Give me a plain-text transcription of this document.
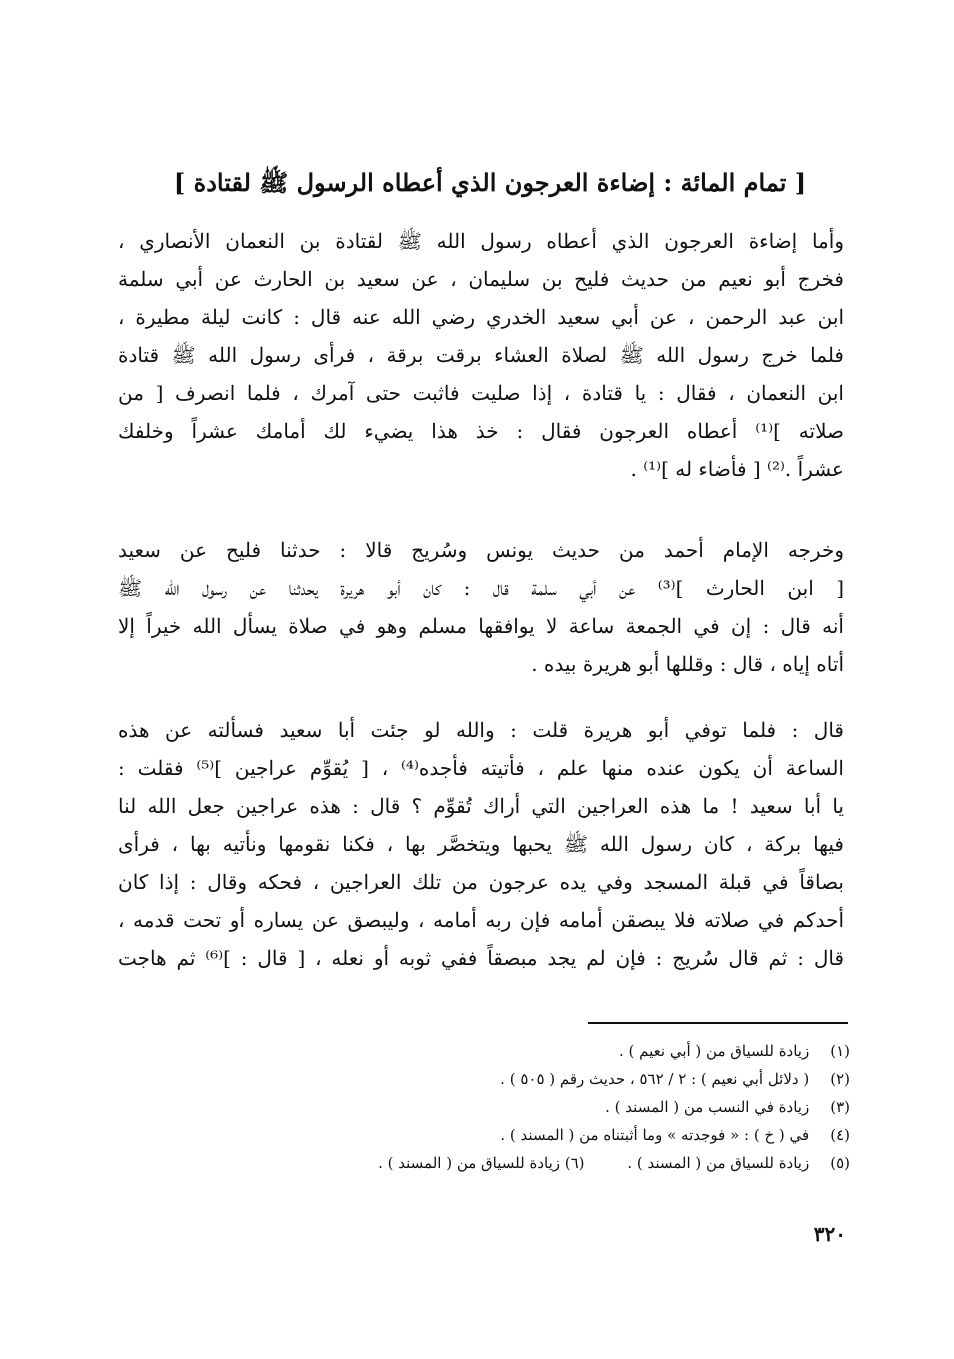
[ تمام المائة : إضاءة العرجون الذي أعطاه الرسول ﷺ لقتادة ]
وأما إضاءة العرجون الذي أعطاه رسول الله ﷺ لقتادة بن النعمان الأنصاري ،
فخرج أبو نعيم من حديث فليح بن سليمان ، عن سعيد بن الحارث عن أبي سلمة
ابن عبد الرحمن ، عن أبي سعيد الخدري رضي الله عنه قال : كانت ليلة مطيرة ،
فلما خرج رسول الله ﷺ لصلاة العشاء برقت برقة ، فرأى رسول الله ﷺ قتادة
ابن النعمان ، فقال : يا قتادة ، إذا صليت فاثبت حتى آمرك ، فلما انصرف [ من
صلاته ]⁽¹⁾ أعطاه العرجون فقال : خذ هذا يضيء لك أمامك عشراً وخلفك
عشراً .⁽²⁾ [ فأضاء له ]⁽¹⁾ .
وخرجه الإمام أحمد من حديث يونس وسُريج قالا : حدثنا فليح عن سعيد
[ ابن الحارث ]⁽³⁾ عن أبي سلمة قال : كان أبو هريرة يحدثنا عن رسول الله ﷺ
أنه قال : إن في الجمعة ساعة لا يوافقها مسلم وهو في صلاة يسأل الله خيراً إلا
أتاه إياه ، قال : وقللها أبو هريرة بيده .
قال : فلما توفي أبو هريرة قلت : والله لو جئت أبا سعيد فسألته عن هذه
الساعة أن يكون عنده منها علم ، فأتيته فأجده⁽⁴⁾ ، [ يُقوِّم عراجين ]⁽⁵⁾ فقلت :
يا أبا سعيد ! ما هذه العراجين التي أراك تُقوِّم ؟ قال : هذه عراجين جعل الله لنا
فيها بركة ، كان رسول الله ﷺ يحبها ويتخصَّر بها ، فكنا نقومها ونأتيه بها ، فرأى
بصاقاً في قبلة المسجد وفي يده عرجون من تلك العراجين ، فحكه وقال : إذا كان
أحدكم في صلاته فلا يبصقن أمامه فإن ربه أمامه ، وليبصق عن يساره أو تحت قدمه ،
قال : ثم قال سُريج : فإن لم يجد مبصقاً ففي ثوبه أو نعله ، [ قال : ]⁽⁶⁾ ثم هاجت
(١) زيادة للسياق من ( أبي نعيم ) .
(٢) ( دلائل أبي نعيم ) : ٢ / ٥٦٢ ، حديث رقم ( ٥٠٥ ) .
(٣) زيادة في النسب من ( المسند ) .
(٤) في ( خ ) : « فوجدته » وما أثبتناه من ( المسند ) .
(٥) زيادة للسياق من ( المسند ) . (٦) زيادة للسياق من ( المسند ) .
٣٢٠
